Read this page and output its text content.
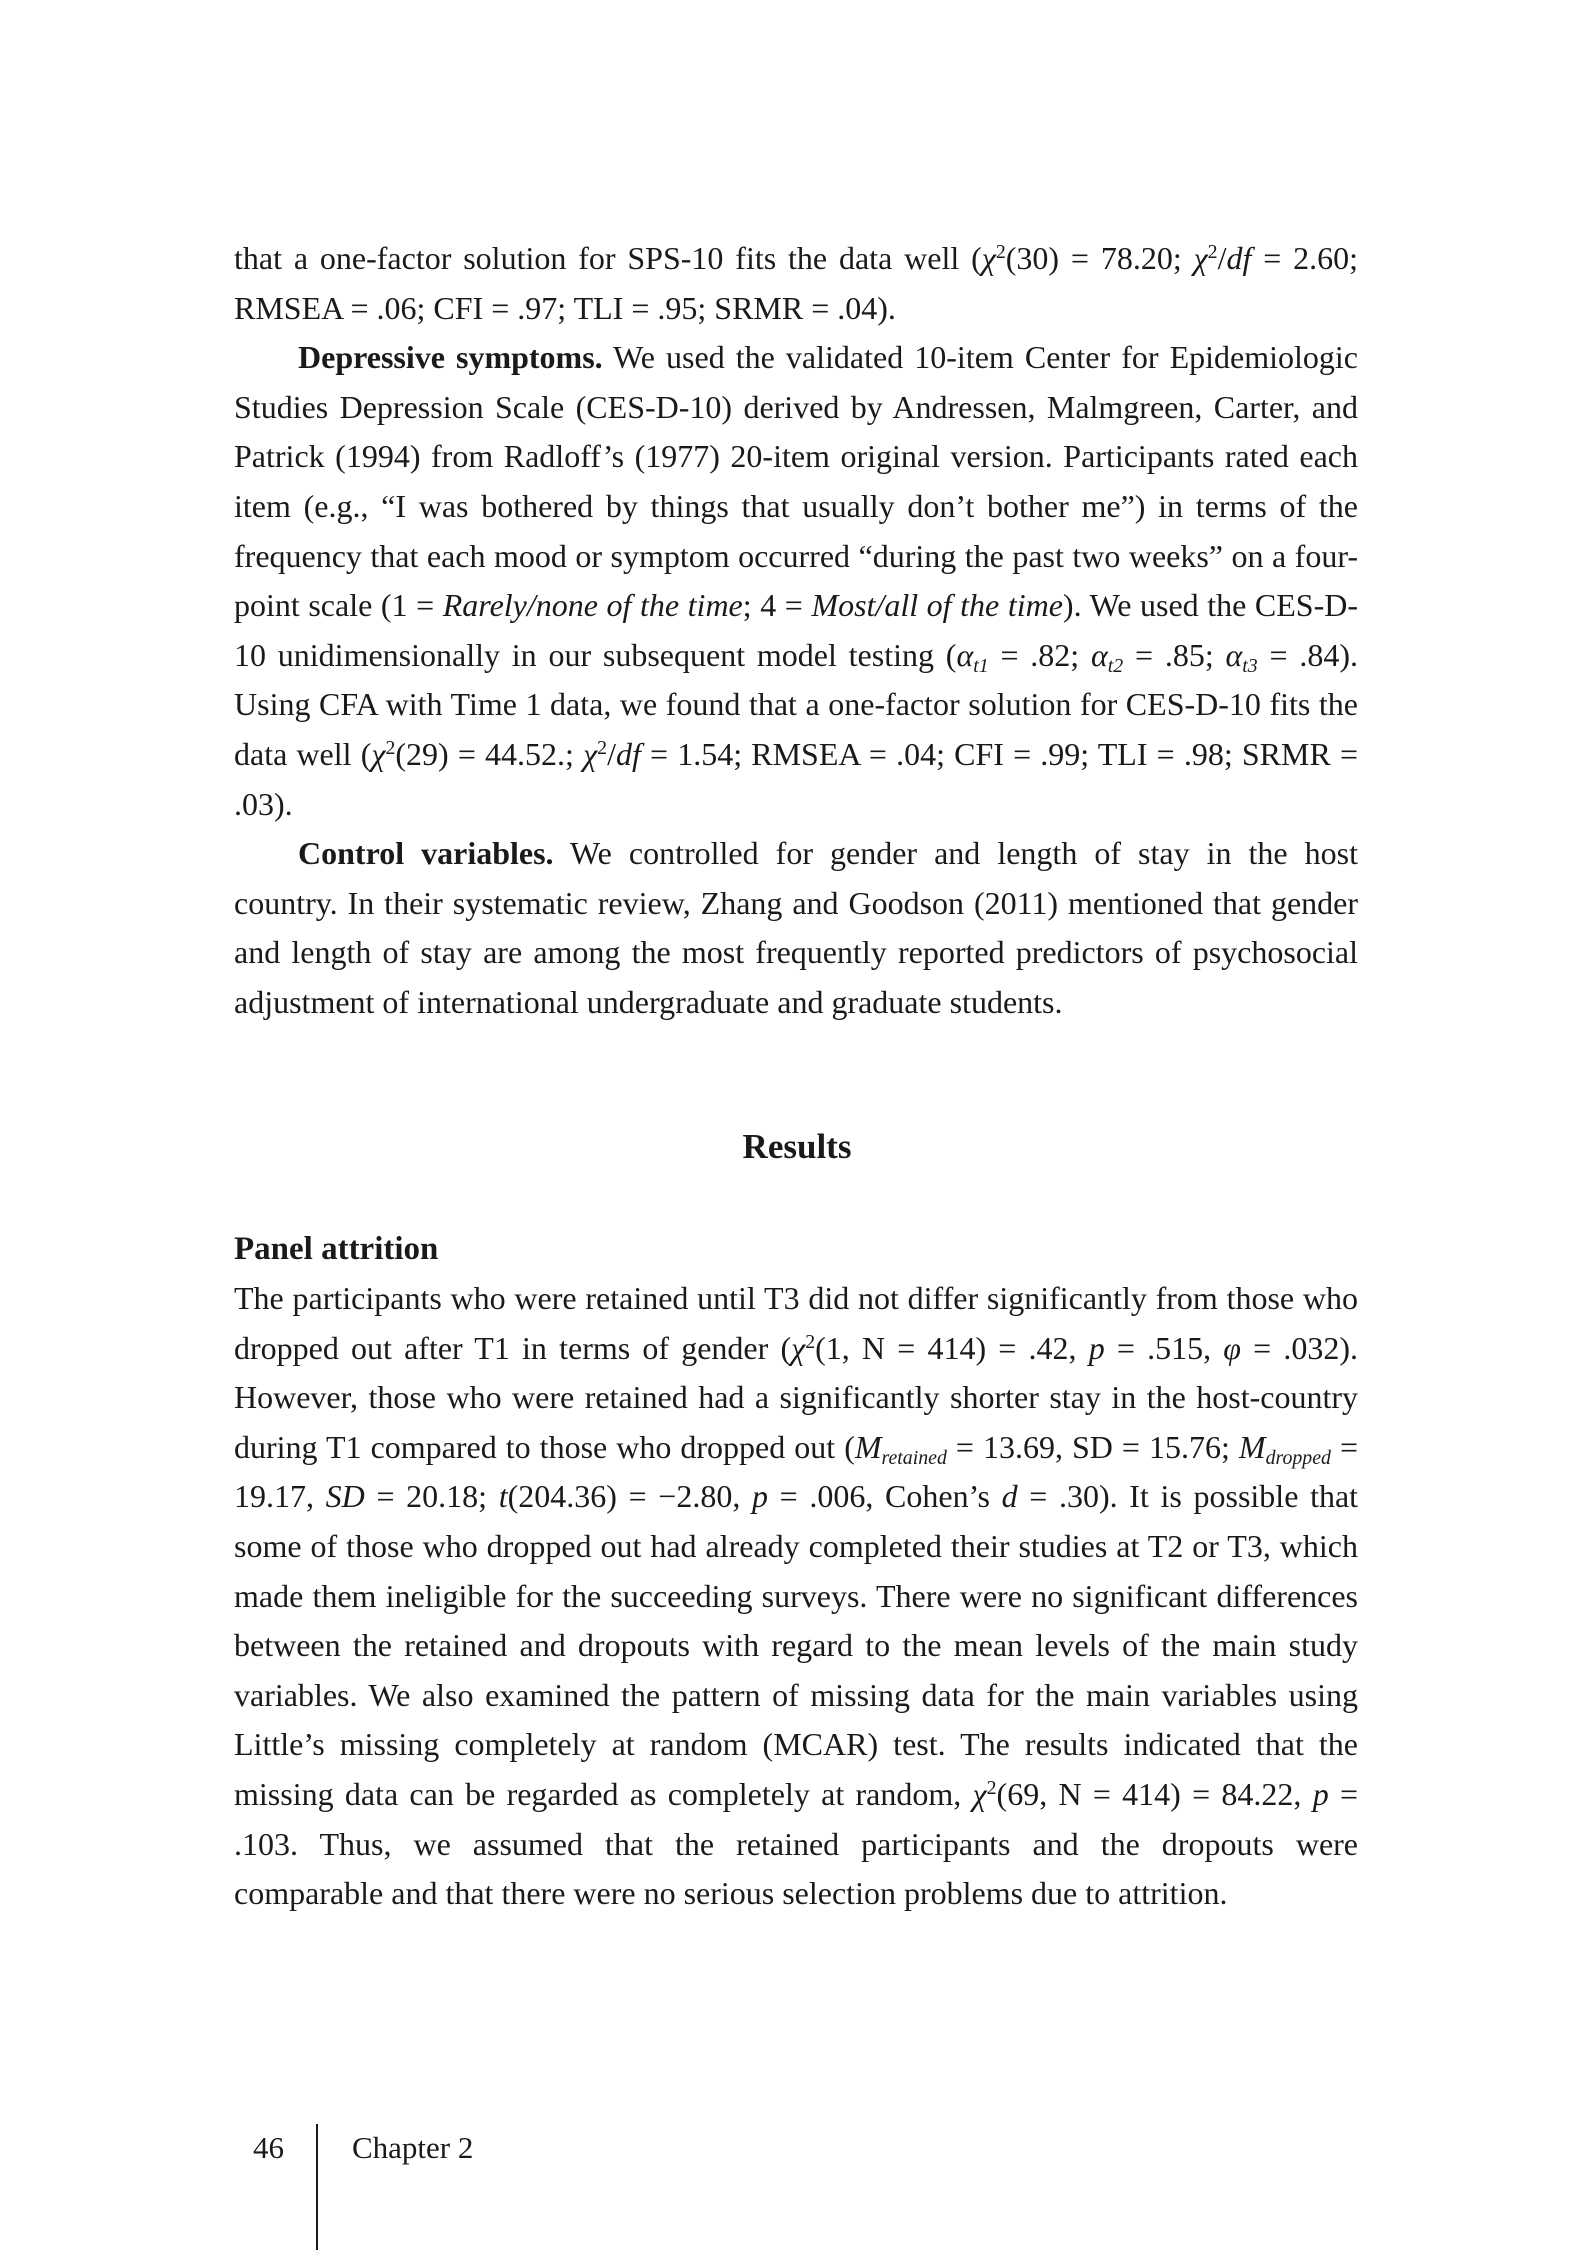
that a one-factor solution for SPS-10 fits the data well ($\chi^2(30) = 78.20$; $\chi^2/df = 2.60$; RMSEA = .06; CFI = .97; TLI = .95; SRMR = .04).

Depressive symptoms. We used the validated 10-item Center for Epidemiologic Studies Depression Scale (CES-D-10) derived by Andressen, Malmgreen, Carter, and Patrick (1994) from Radloff’s (1977) 20-item original version. Participants rated each item (e.g., “I was bothered by things that usually don’t bother me”) in terms of the frequency that each mood or symptom occurred “during the past two weeks” on a four-point scale (1 = Rarely/none of the time; 4 = Most/all of the time). We used the CES-D-10 unidimensionally in our subsequent model testing ($\alpha_{t1} = .82$; $\alpha_{t2} = .85$; $\alpha_{t3} = .84$). Using CFA with Time 1 data, we found that a one-factor solution for CES-D-10 fits the data well ($\chi^2(29) = 44.52$.; $\chi^2/df = 1.54$; RMSEA = .04; CFI = .99; TLI = .98; SRMR = .03).

Control variables. We controlled for gender and length of stay in the host country. In their systematic review, Zhang and Goodson (2011) mentioned that gender and length of stay are among the most frequently reported predictors of psychosocial adjustment of international undergraduate and graduate students.

Results
Panel attrition

The participants who were retained until T3 did not differ significantly from those who dropped out after T1 in terms of gender ($\chi^2(1$, N = 414) = .42, p = .515, φ = .032). However, those who were retained had a significantly shorter stay in the host-country during T1 compared to those who dropped out ($M_{retained} = 13.69$, SD = 15.76; $M_{dropped} = 19.17$, SD = 20.18; t(204.36) = −2.80, p = .006, Cohen’s d = .30). It is possible that some of those who dropped out had already completed their studies at T2 or T3, which made them ineligible for the succeeding surveys. There were no significant differences between the retained and dropouts with regard to the mean levels of the main study variables. We also examined the pattern of missing data for the main variables using Little’s missing completely at random (MCAR) test. The results indicated that the missing data can be regarded as completely at random, $\chi^2(69$, N = 414) = 84.22, p = .103. Thus, we assumed that the retained participants and the dropouts were comparable and that there were no serious selection problems due to attrition.

46 Chapter 2
